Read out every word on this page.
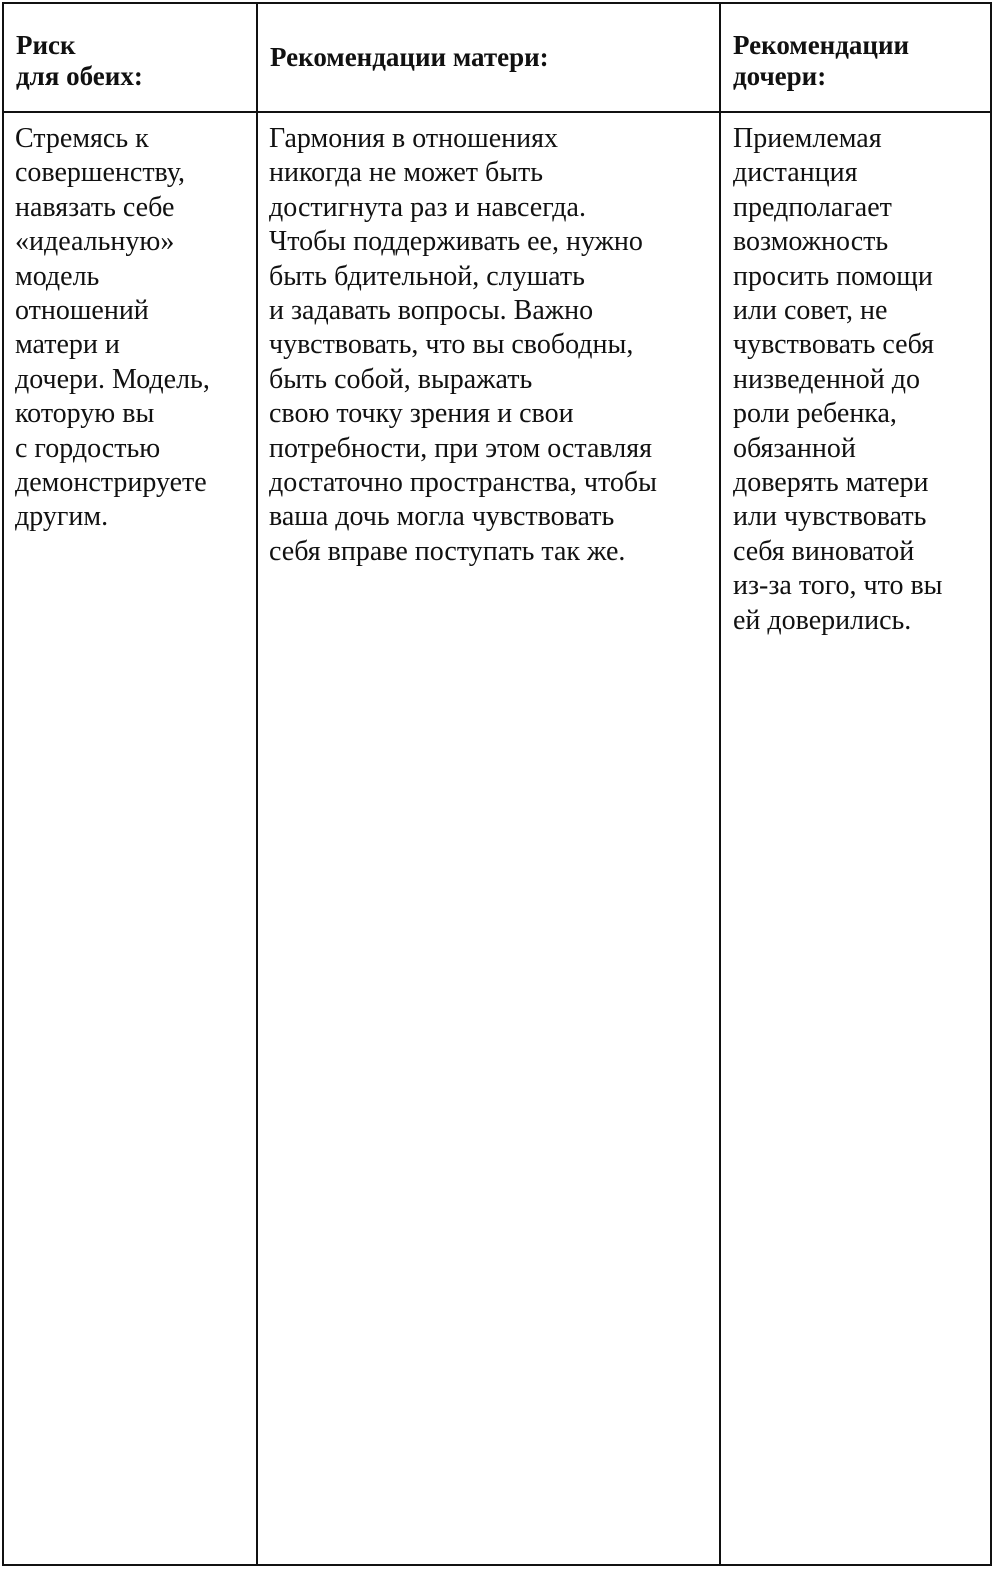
Риск
для обеих:
Рекомендации матери:	Рекомендации
дочери:
Стремясь к
совершенству,
навязать себе
«идеальную»
модель
отношений
матери и
дочери. Модель,
которую вы
с гордостью
демонстрируете
другим.
Гармония в отношениях
никогда не может быть
достигнута раз и навсегда.
Чтобы поддерживать ее, нужно
быть бдительной, слушать
и задавать вопросы. Важно
чувствовать, что вы свободны,
быть собой, выражать
свою точку зрения и свои
потребности, при этом оставляя
достаточно пространства, чтобы
ваша дочь могла чувствовать
себя вправе поступать так же.
Приемлемая
дистанция
предполагает
возможность
просить помощи
или совет, не
чувствовать себя
низведенной до
роли ребенка,
обязанной
доверять матери
или чувствовать
себя виноватой
из-за того, что вы
ей доверились.
